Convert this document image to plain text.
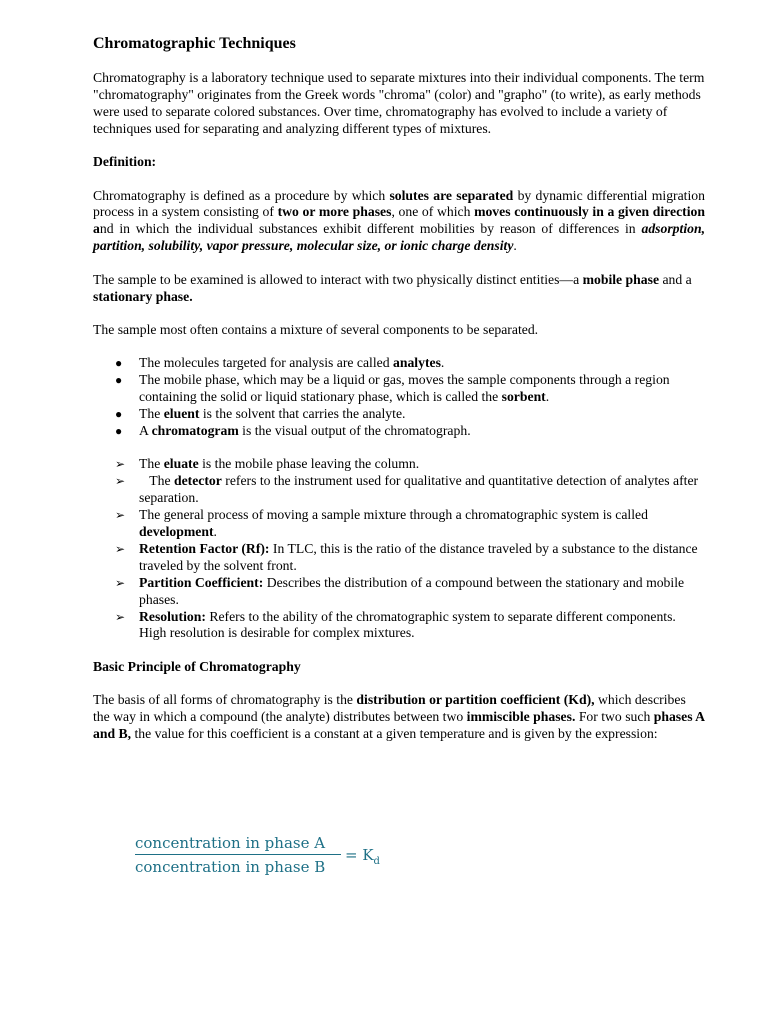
Chromatographic Techniques

Chromatography is a laboratory technique used to separate mixtures into their individual components. The term "chromatography" originates from the Greek words "chroma" (color) and "grapho" (to write), as early methods were used to separate colored substances. Over time, chromatography has evolved to include a variety of techniques used for separating and analyzing different types of mixtures.

Definition:

Chromatography is defined as a procedure by which solutes are separated by dynamic differential migration process in a system consisting of two or more phases, one of which moves continuously in a given direction and in which the individual substances exhibit different mobilities by reason of differences in adsorption, partition, solubility, vapor pressure, molecular size, or ionic charge density.

The sample to be examined is allowed to interact with two physically distinct entities—a mobile phase and a stationary phase.

The sample most often contains a mixture of several components to be separated.

● The molecules targeted for analysis are called analytes.
● The mobile phase, which may be a liquid or gas, moves the sample components through a region containing the solid or liquid stationary phase, which is called the sorbent.
● The eluent is the solvent that carries the analyte.
● A chromatogram is the visual output of the chromatograph.
➢ The eluate is the mobile phase leaving the column.
➢ The detector refers to the instrument used for qualitative and quantitative detection of analytes after separation.
➢ The general process of moving a sample mixture through a chromatographic system is called development.
➢ Retention Factor (Rf): In TLC, this is the ratio of the distance traveled by a substance to the distance traveled by the solvent front.
➢ Partition Coefficient: Describes the distribution of a compound between the stationary and mobile phases.
➢ Resolution: Refers to the ability of the chromatographic system to separate different components. High resolution is desirable for complex mixtures.
Basic Principle of Chromatography

The basis of all forms of chromatography is the distribution or partition coefficient (Kd), which describes the way in which a compound (the analyte) distributes between two immiscible phases. For two such phases A and B, the value for this coefficient is a constant at a given temperature and is given by the expression:

concentration in phase A
concentration in phase B
= $K_d$
